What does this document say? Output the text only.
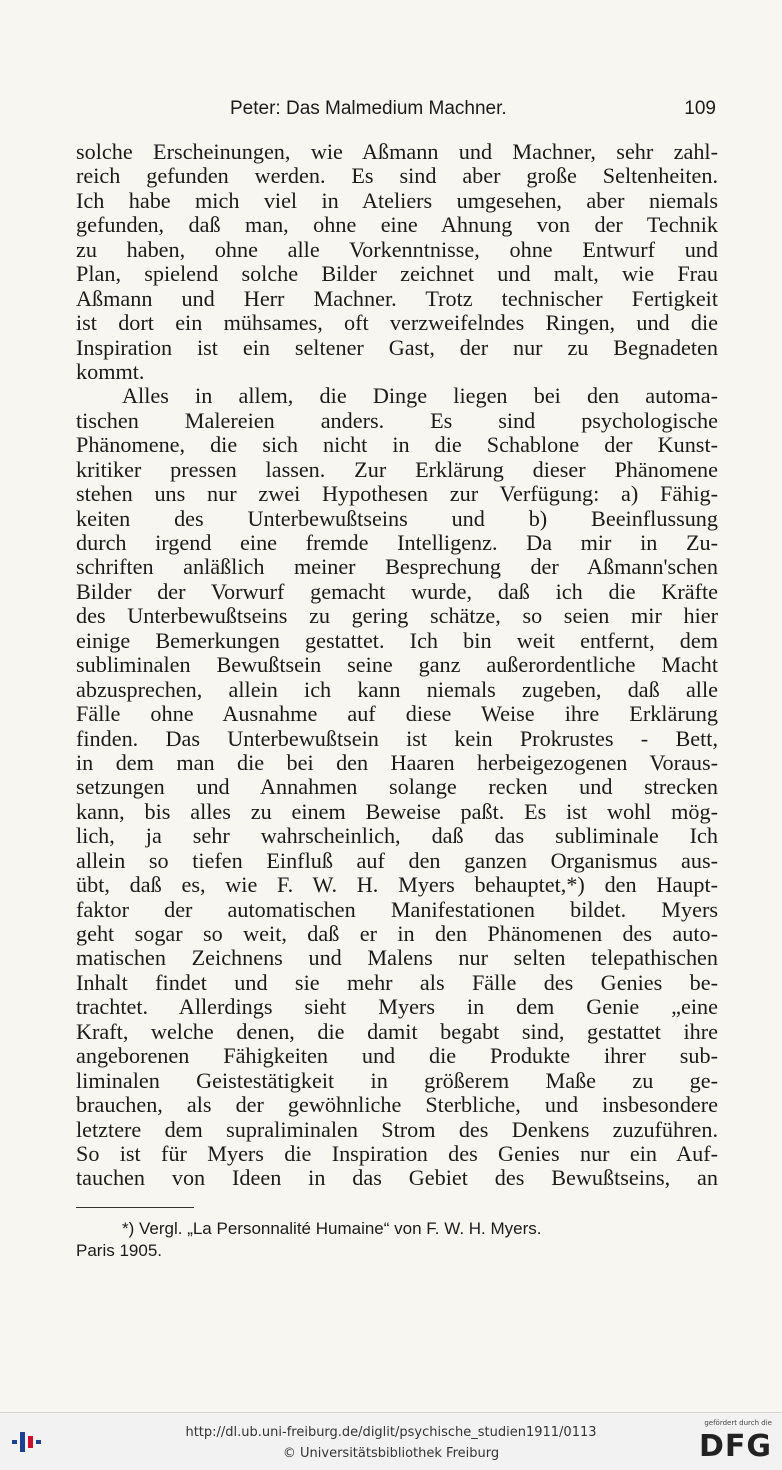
Peter: Das Malmedium Machner.	109
solche Erscheinungen, wie Aßmann und Machner, sehr zahl-
reich gefunden werden. Es sind aber große Seltenheiten.
Ich habe mich viel in Ateliers umgesehen, aber niemals
gefunden, daß man, ohne eine Ahnung von der Technik
zu haben, ohne alle Vorkenntnisse, ohne Entwurf und
Plan, spielend solche Bilder zeichnet und malt, wie Frau
Aßmann und Herr Machner. Trotz technischer Fertigkeit
ist dort ein mühsames, oft verzweifelndes Ringen, und die
Inspiration ist ein seltener Gast, der nur zu Begnadeten
kommt.
Alles in allem, die Dinge liegen bei den automa-
tischen Malereien anders. Es sind psychologische
Phänomene, die sich nicht in die Schablone der Kunst-
kritiker pressen lassen. Zur Erklärung dieser Phänomene
stehen uns nur zwei Hypothesen zur Verfügung: a) Fähig-
keiten des Unterbewußtseins und b) Beeinflussung
durch irgend eine fremde Intelligenz. Da mir in Zu-
schriften anläßlich meiner Besprechung der Aßmann'schen
Bilder der Vorwurf gemacht wurde, daß ich die Kräfte
des Unterbewußtseins zu gering schätze, so seien mir hier
einige Bemerkungen gestattet. Ich bin weit entfernt, dem
subliminalen Bewußtsein seine ganz außerordentliche Macht
abzusprechen, allein ich kann niemals zugeben, daß alle
Fälle ohne Ausnahme auf diese Weise ihre Erklärung
finden. Das Unterbewußtsein ist kein Prokrustes - Bett,
in dem man die bei den Haaren herbeigezogenen Voraus-
setzungen und Annahmen solange recken und strecken
kann, bis alles zu einem Beweise paßt. Es ist wohl mög-
lich, ja sehr wahrscheinlich, daß das subliminale Ich
allein so tiefen Einfluß auf den ganzen Organismus aus-
übt, daß es, wie F. W. H. Myers behauptet,*) den Haupt-
faktor der automatischen Manifestationen bildet. Myers
geht sogar so weit, daß er in den Phänomenen des auto-
matischen Zeichnens und Malens nur selten telepathischen
Inhalt findet und sie mehr als Fälle des Genies be-
trachtet. Allerdings sieht Myers in dem Genie „eine
Kraft, welche denen, die damit begabt sind, gestattet ihre
angeborenen Fähigkeiten und die Produkte ihrer sub-
liminalen Geistestätigkeit in größerem Maße zu ge-
brauchen, als der gewöhnliche Sterbliche, und insbesondere
letztere dem supraliminalen Strom des Denkens zuzuführen.
So ist für Myers die Inspiration des Genies nur ein Auf-
tauchen von Ideen in das Gebiet des Bewußtseins, an
*) Vergl. „La Personnalité Humaine“ von F. W. H. Myers.
Paris 1905.
http://dl.ub.uni-freiburg.de/diglit/psychische_studien1911/0113
© Universitätsbibliothek Freiburg
gefördert durch die
DFG
